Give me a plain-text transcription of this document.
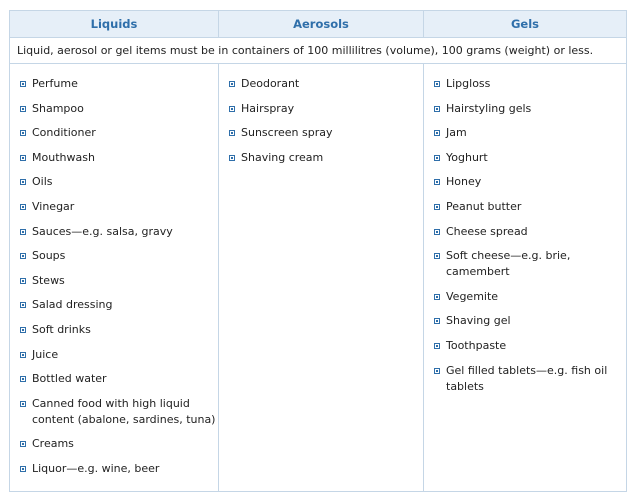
Liquids	Aerosols	Gels
Liquid, aerosol or gel items must be in containers of 100 millilitres (volume), 100 grams (weight) or less.
Perfume
Shampoo
Conditioner
Mouthwash
Oils
Vinegar
Sauces—e.g. salsa, gravy
Soups
Stews
Salad dressing
Soft drinks
Juice
Bottled water
Canned food with high liquid content (abalone, sardines, tuna)
Creams
Liquor—e.g. wine, beer
Deodorant
Hairspray
Sunscreen spray
Shaving cream
Lipgloss
Hairstyling gels
Jam
Yoghurt
Honey
Peanut butter
Cheese spread
Soft cheese—e.g. brie, camembert
Vegemite
Shaving gel
Toothpaste
Gel filled tablets—e.g. fish oil tablets
